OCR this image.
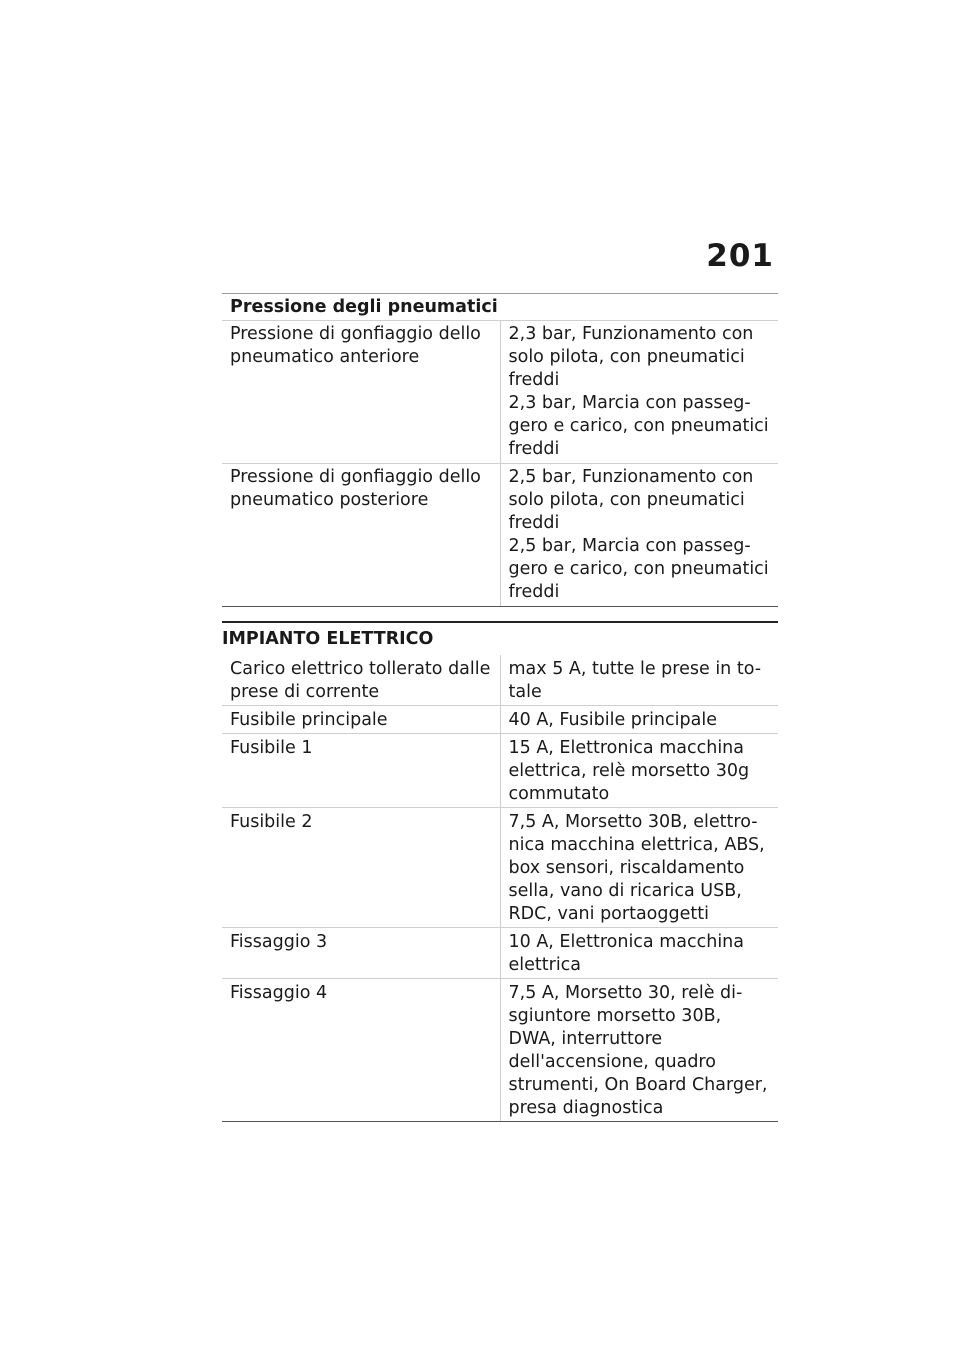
201
Pressione degli pneumatici	
Pressione di gonfiaggio dello pneumatico anteriore	2,3 bar, Funzionamento con solo pilota, con pneumatici freddi
2,3 bar, Marcia con passeg-gero e carico, con pneumatici freddi

Pressione di gonfiaggio dello pneumatico posteriore	2,5 bar, Funzionamento con solo pilota, con pneumatici freddi
2,5 bar, Marcia con passeg-gero e carico, con pneumatici freddi
IMPIANTO ELETTRICO
Carico elettrico tollerato dalle prese di corrente	max 5 A, tutte le prese in to-tale
Fusibile principale	40 A, Fusibile principale
Fusibile 1	15 A, Elettronica macchina elettrica, relè morsetto 30g commutato
Fusibile 2	7,5 A, Morsetto 30B, elettro-nica macchina elettrica, ABS, box sensori, riscaldamento sella, vano di ricarica USB, RDC, vani portaoggetti
Fissaggio 3	10 A, Elettronica macchina elettrica
Fissaggio 4	7,5 A, Morsetto 30, relè di-sgiuntore morsetto 30B, DWA, interruttore dell'accensione, quadro strumenti, On Board Charger, presa diagnostica
